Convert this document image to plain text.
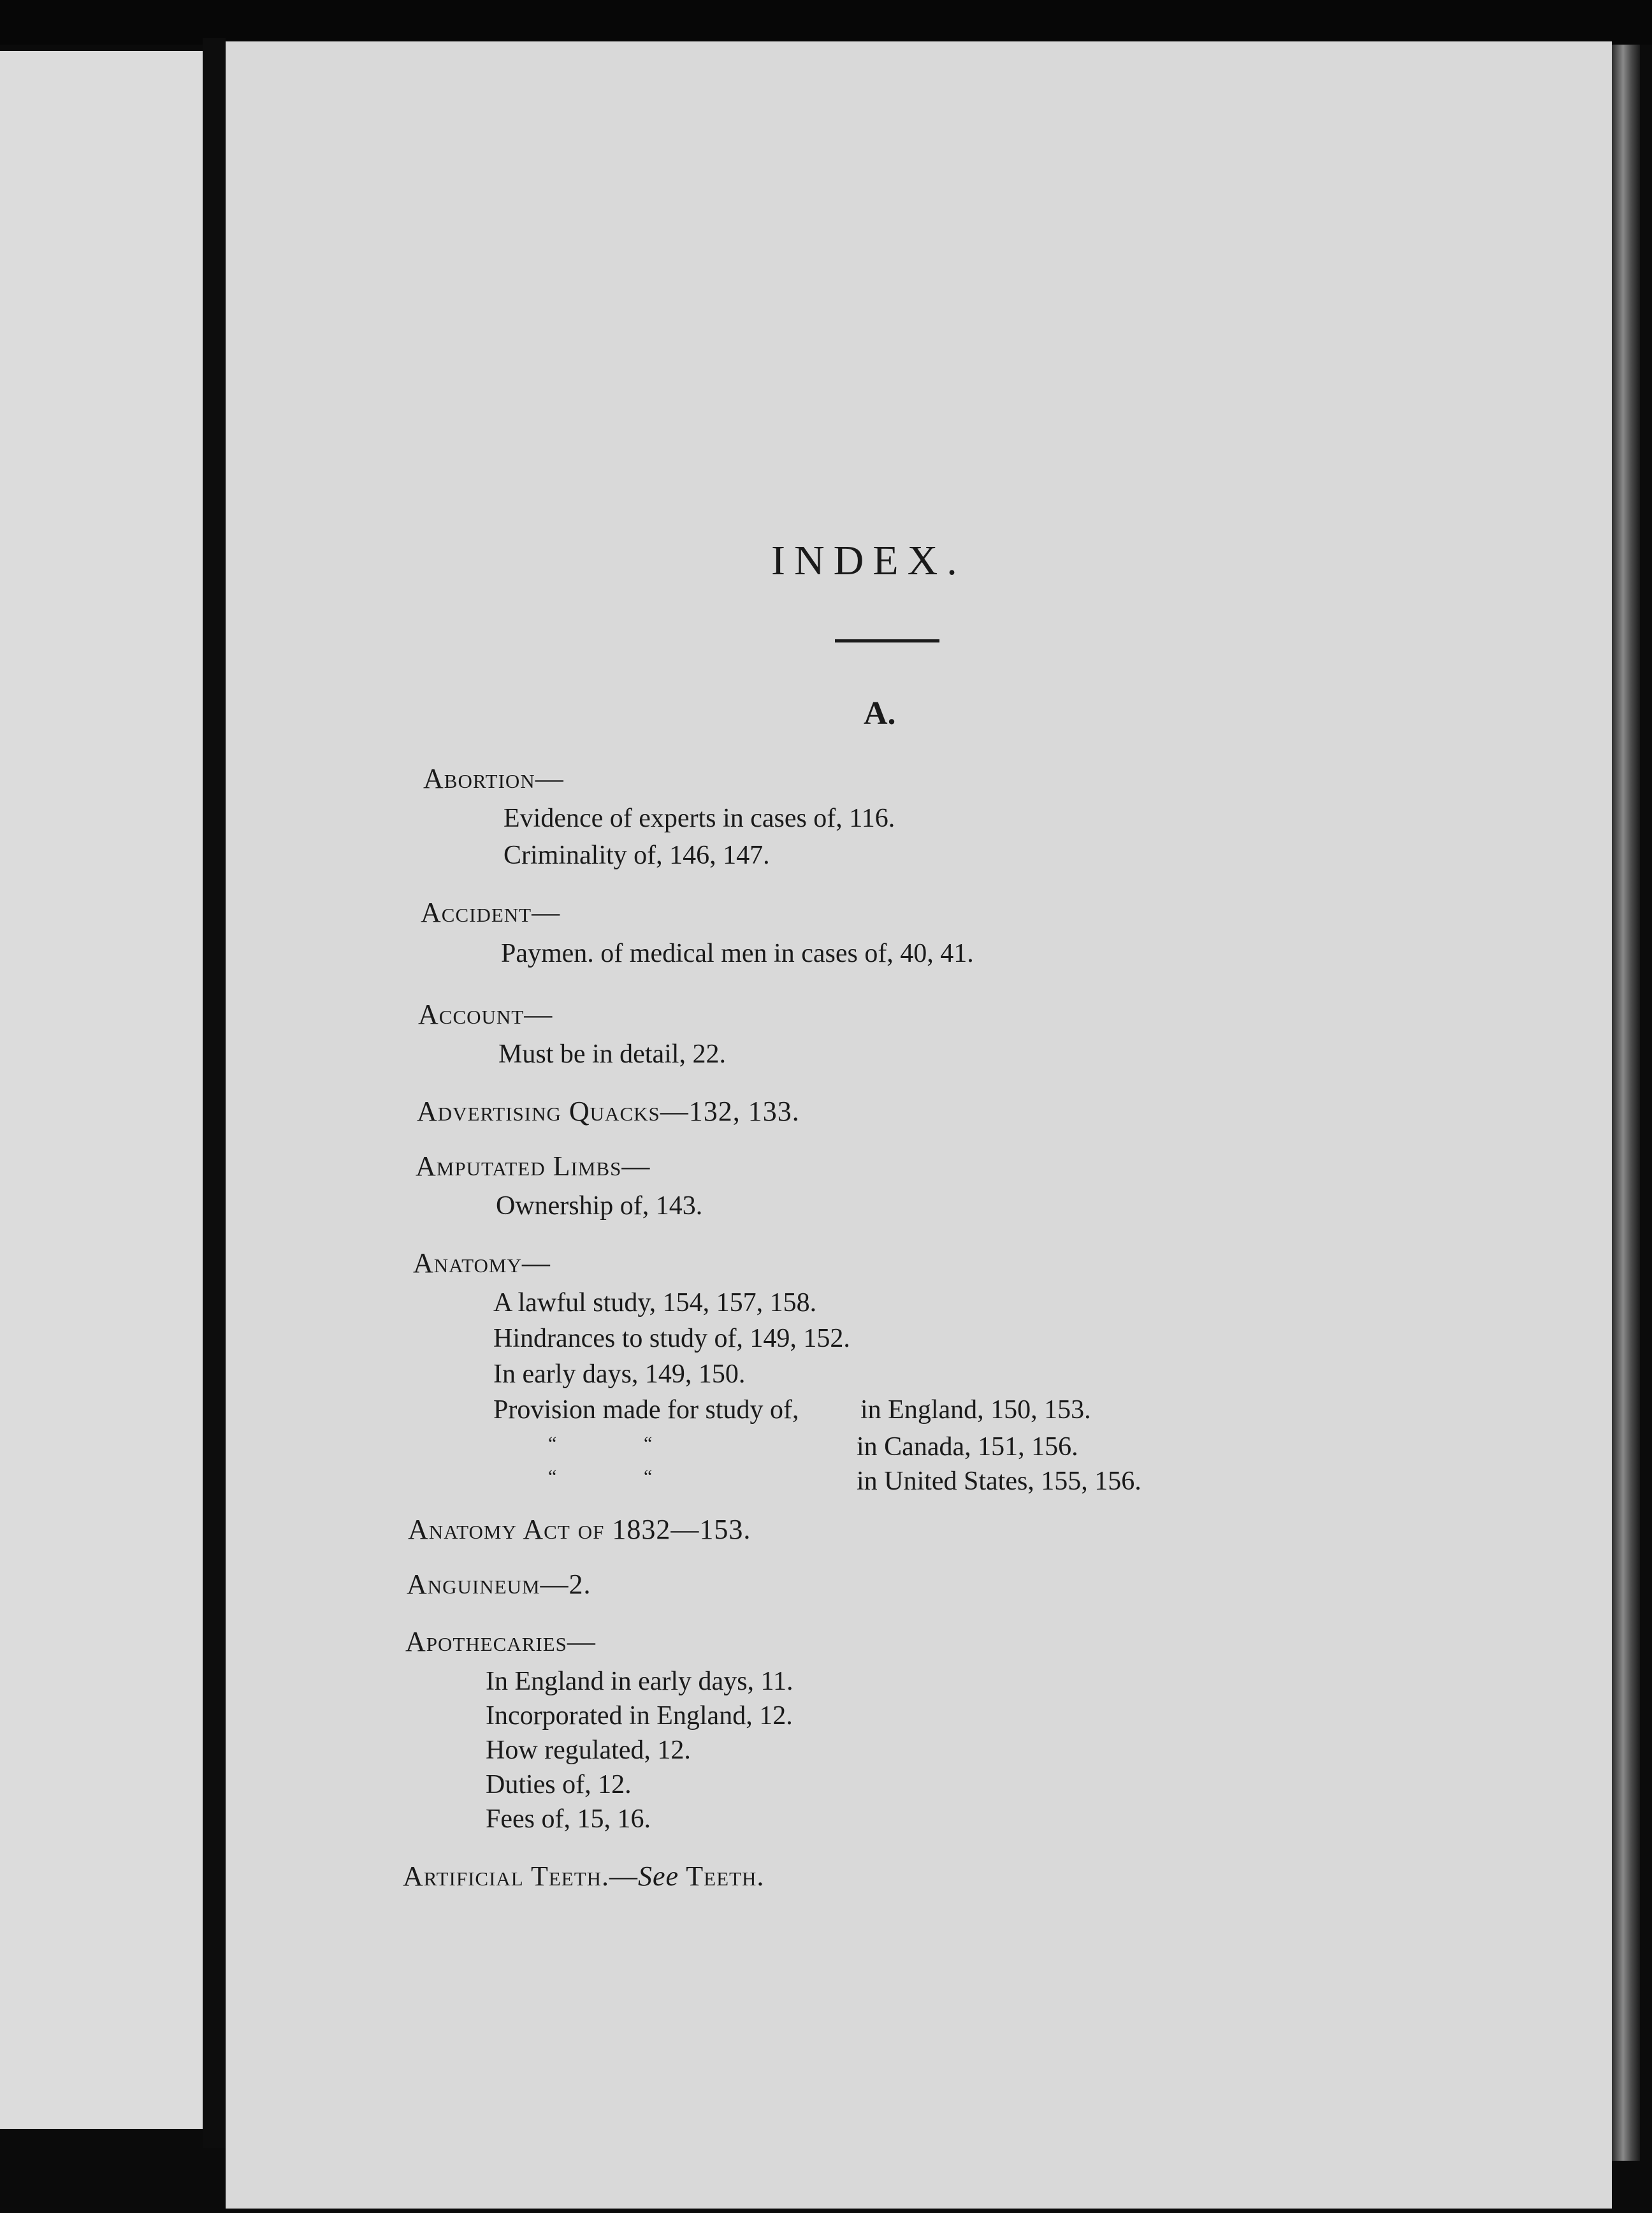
INDEX.
A.
Abortion—
Evidence of experts in cases of, 116.
Criminality of, 146, 147.
Accident—
Paymen. of medical men in cases of, 40, 41.
Account—
Must be in detail, 22.
Advertising Quacks—132, 133.
Amputated Limbs—
Ownership of, 143.
Anatomy—
A lawful study, 154, 157, 158.
Hindrances to study of, 149, 152.
In early days, 149, 150.
Provision made for study of, in England, 150, 153.
“	“	in Canada, 151, 156.
“	“	in United States, 155, 156.
Anatomy Act of 1832—153.
Anguineum—2.
Apothecaries—
In England in early days, 11.
Incorporated in England, 12.
How regulated, 12.
Duties of, 12.
Fees of, 15, 16.
Artificial Teeth.—See Teeth.
